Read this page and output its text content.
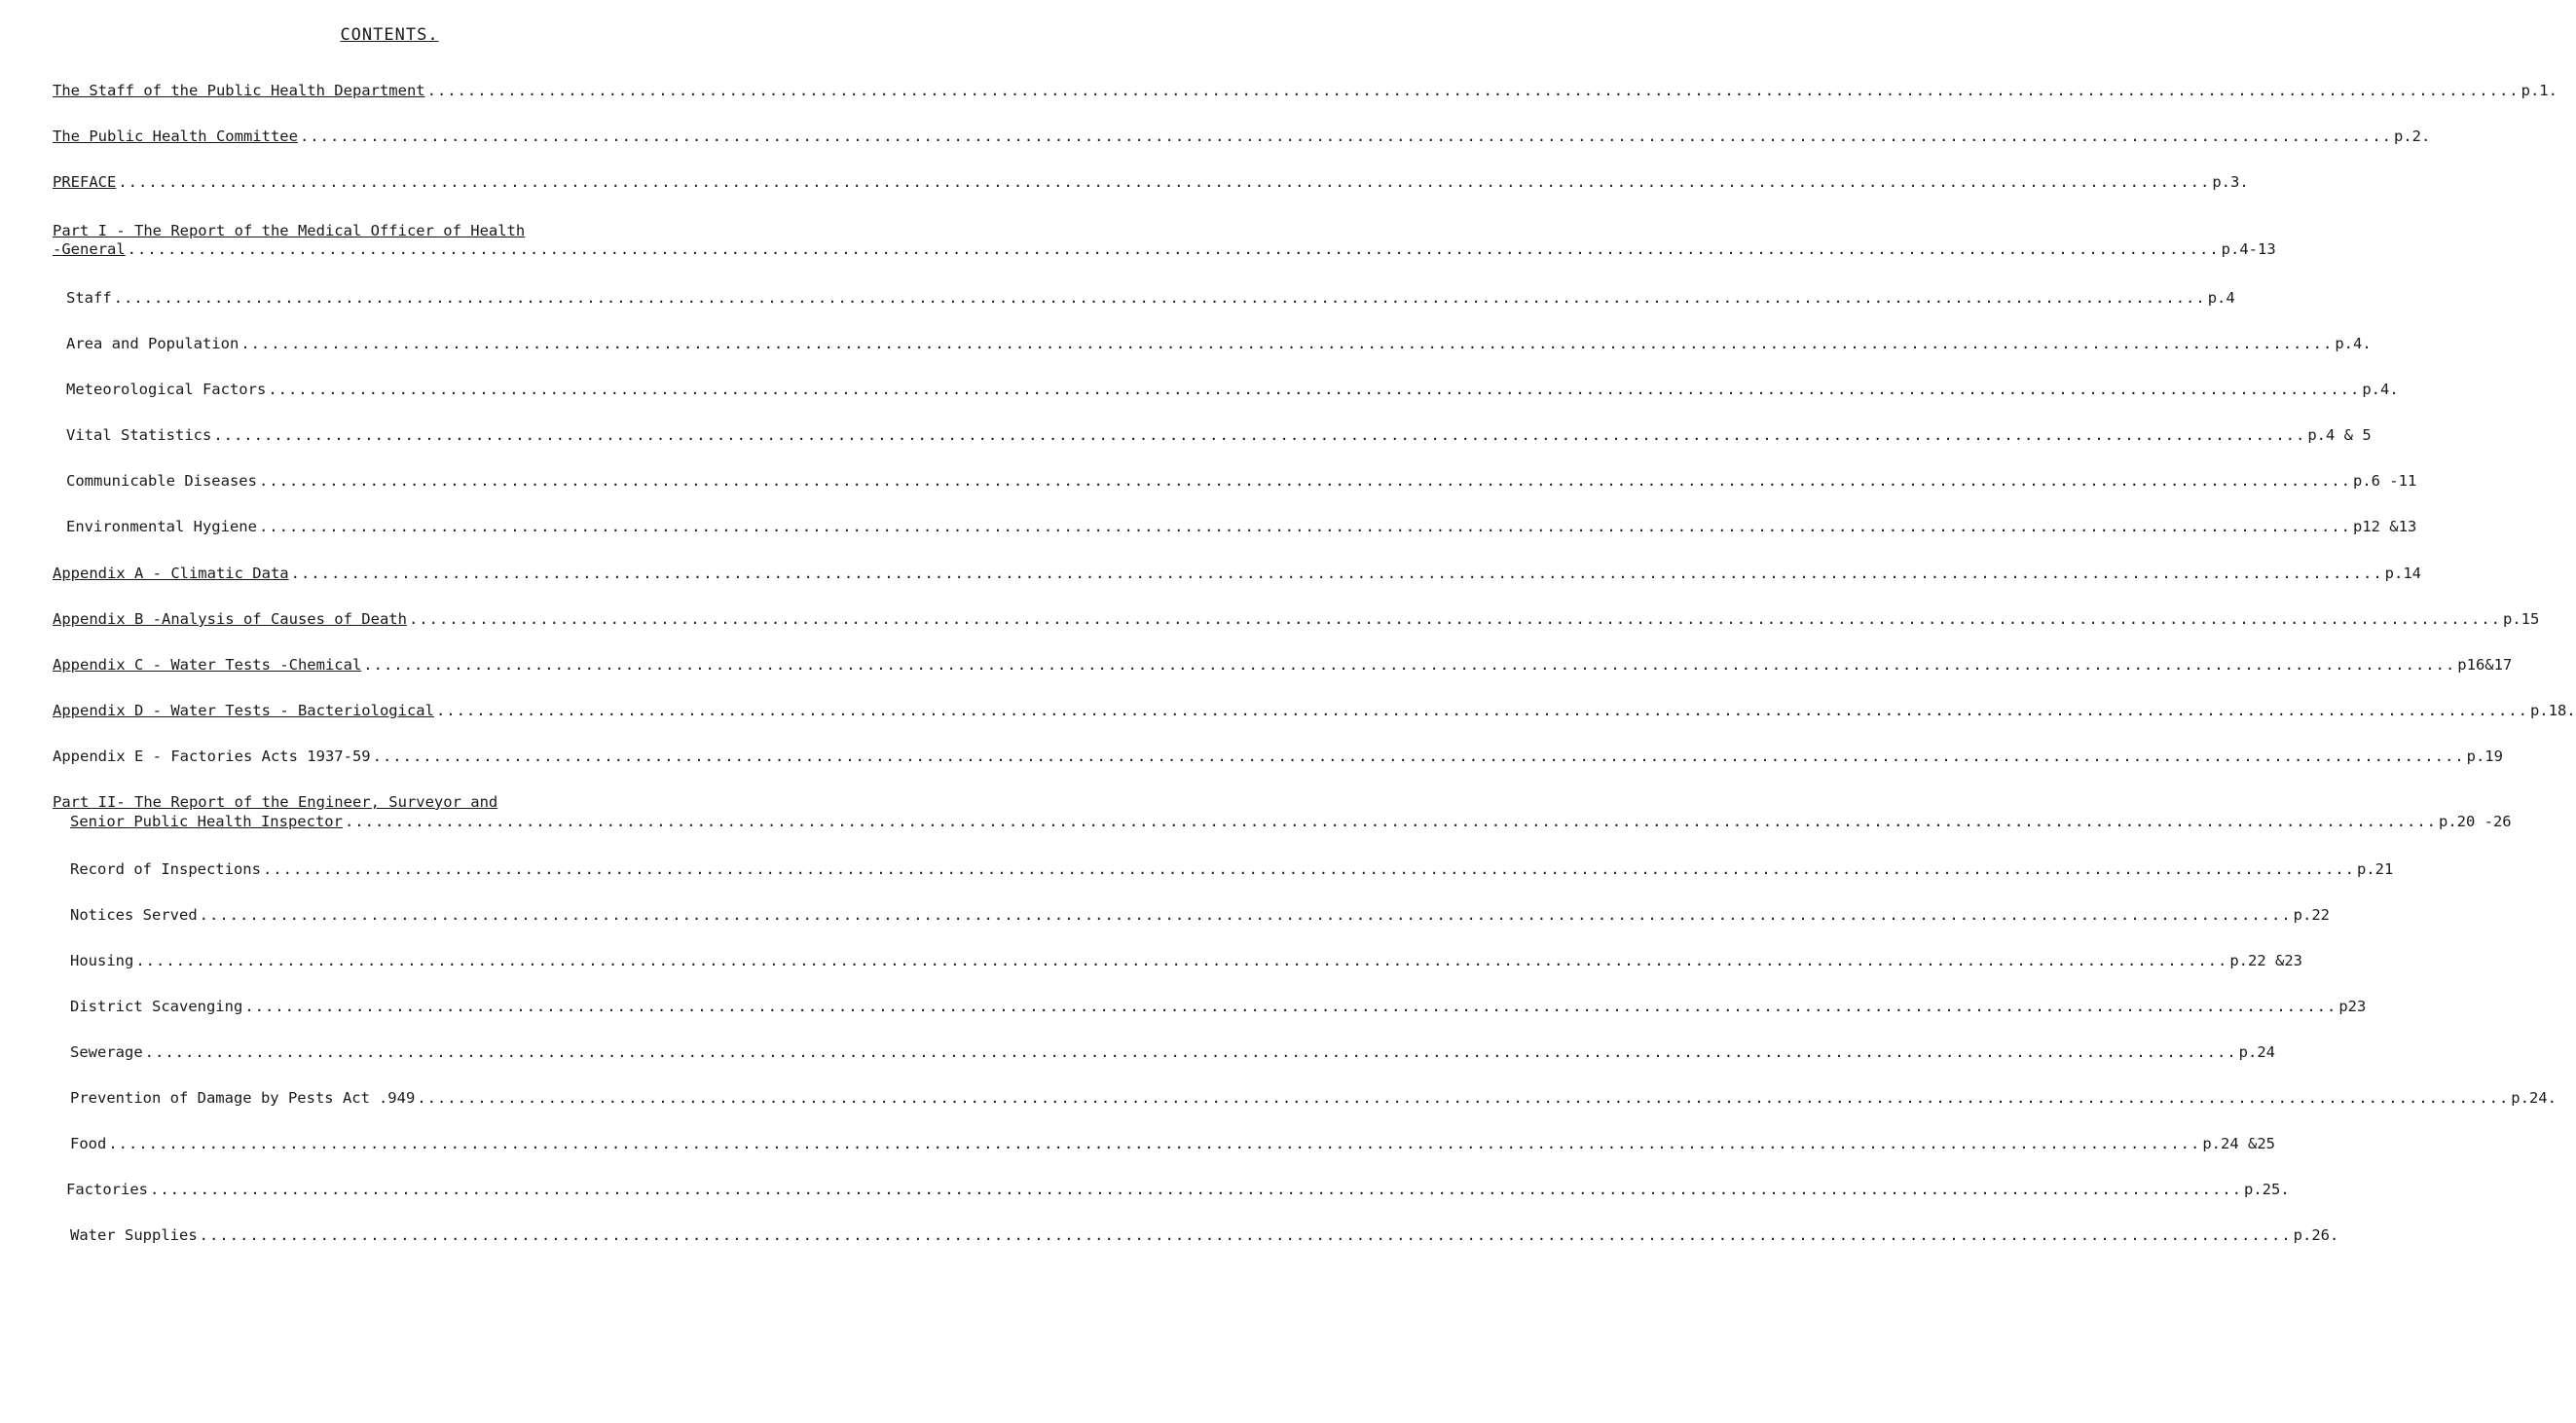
CONTENTS.
The Staff of the Public Health Department .....	p.1.
The Public Health Committee .....	p.2.
PREFACE .....	p.3.
Part I - The Report of the Medical Officer of Health
-General .....	p.4-13
Staff .....	p.4
Area and Population .....	p.4.
Meteorological Factors .....	p.4.
Vital Statistics .....	p.4 & 5
Communicable Diseases .....	p.6 -11
Environmental Hygiene .....	p12 &13
Appendix A - Climatic Data .....	p.14
Appendix B -Analysis of Causes of Death .....	p.15
Appendix C - Water Tests -Chemical .....	p16&17
Appendix D - Water Tests - Bacteriological .....	p.18.
Appendix E - Factories Acts 1937-59 .....	p.19
Part II- The Report of the Engineer, Surveyor and
Senior Public Health Inspector .....	p.20 -26
Record of Inspections .....	p.21
Notices Served .....	p.22
Housing .....	p.22 &23
District Scavenging .....	p23
Sewerage .....	p.24
Prevention of Damage by Pests Act .949 .....	p.24.
Food .....	p.24 &25
Factories .....	p.25.
Water Supplies .....	p.26.
